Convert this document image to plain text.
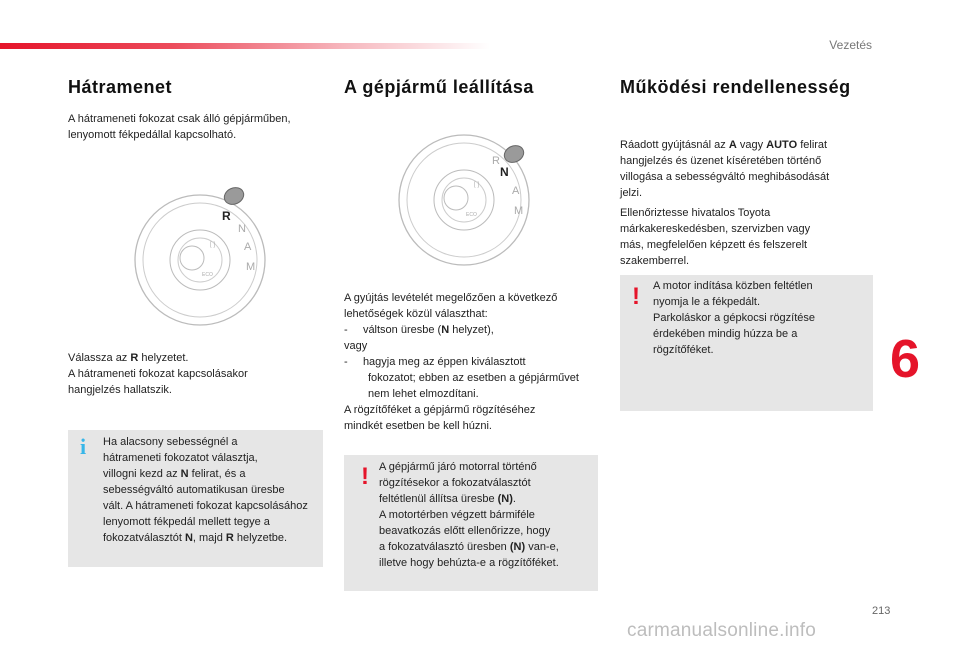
Vezetés
Hátramenet
A hátrameneti fokozat csak álló gépjárműben,
lenyomott fékpedállal kapcsolható.
[ ]
ECO
R
N
A
M
Válassza az R helyzetet.
A hátrameneti fokozat kapcsolásakor
hangjelzés hallatszik.
i Ha alacsony sebességnél a
hátrameneti fokozatot választja,
villogni kezd az N felirat, és a
sebességváltó automatikusan üresbe
vált. A hátrameneti fokozat kapcsolásához
lenyomott fékpedál mellett tegye a
fokozatválasztót N, majd R helyzetbe.
A gépjármű leállítása
[ ]
ECO
R
N
A
M
A gyújtás levételét megelőzően a következő
lehetőségek közül választhat:
-     váltson üresbe (N helyzet),
vagy
-     hagyja meg az éppen kiválasztott
fokozatot; ebben az esetben a gépjárművet
nem lehet elmozdítani.
A rögzítőféket a gépjármű rögzítéséhez
mindkét esetben be kell húzni.
! A gépjármű járó motorral történő
rögzítésekor a fokozatválasztót
feltétlenül állítsa üresbe (N).
A motortérben végzett bármiféle
beavatkozás előtt ellenőrizze, hogy
a fokozatválasztó üresben (N) van-e,
illetve hogy behúzta-e a rögzítőféket.
Működési rendellenesség
Ráadott gyújtásnál az A vagy AUTO felirat
hangjelzés és üzenet kíséretében történő
villogása a sebességváltó meghibásodását
jelzi.
Ellenőriztesse hivatalos Toyota
márkakereskedésben, szervizben vagy
más, megfelelően képzett és felszerelt
szakemberrel.
! A motor indítása közben feltétlen
nyomja le a fékpedált.
Parkoláskor a gépkocsi rögzítése
érdekében mindig húzza be a
rögzítőféket.	6
213
carmanualsonline.info
